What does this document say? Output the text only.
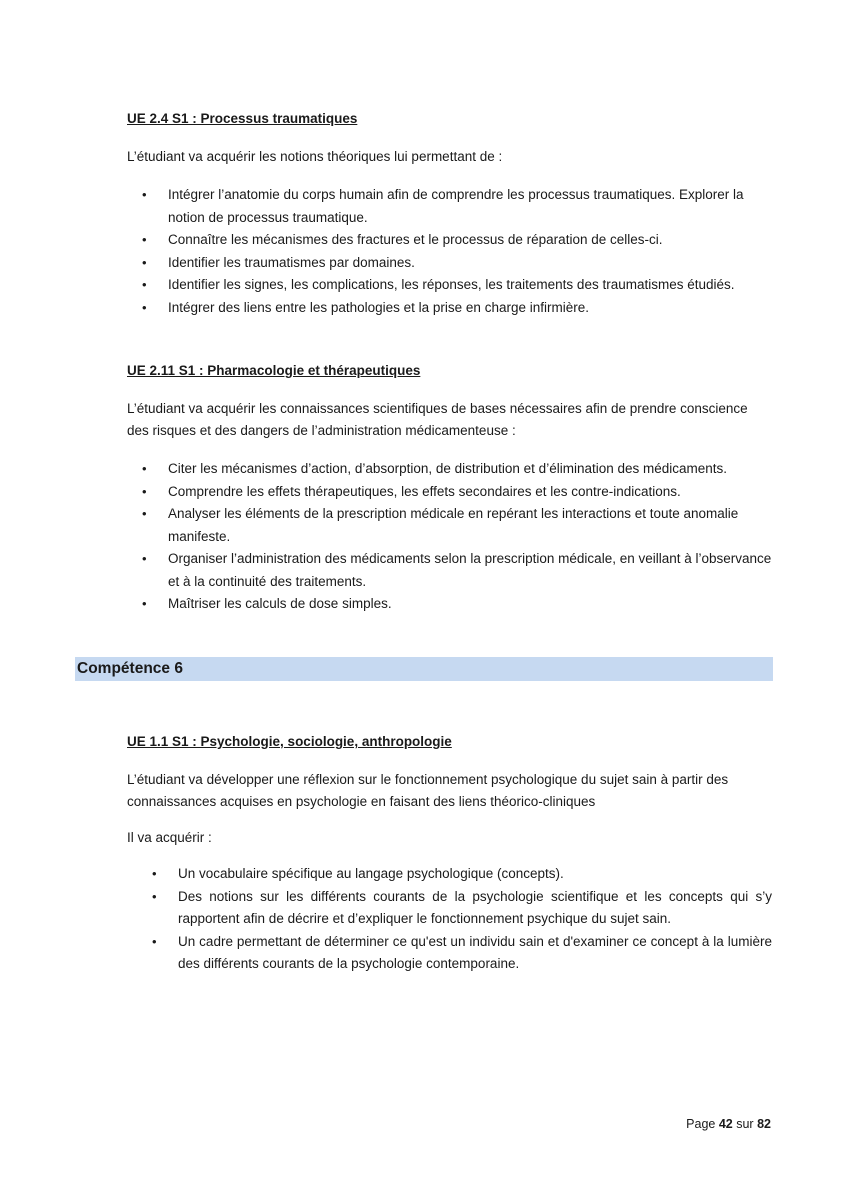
UE 2.4 S1 : Processus traumatiques

L’étudiant va acquérir les notions théoriques lui permettant de :

• Intégrer l’anatomie du corps humain afin de comprendre les processus traumatiques. Explorer la notion de processus traumatique.
• Connaître les mécanismes des fractures et le processus de réparation de celles-ci.
• Identifier les traumatismes par domaines.
• Identifier les signes, les complications, les réponses, les traitements des traumatismes étudiés.
• Intégrer des liens entre les pathologies et la prise en charge infirmière.

UE 2.11 S1 : Pharmacologie et thérapeutiques

L’étudiant va acquérir les connaissances scientifiques de bases nécessaires afin de prendre conscience des risques et des dangers de l’administration médicamenteuse :

• Citer les mécanismes d’action, d’absorption, de distribution et d’élimination des médicaments.
• Comprendre les effets thérapeutiques, les effets secondaires et les contre-indications.
• Analyser les éléments de la prescription médicale en repérant les interactions et toute anomalie manifeste.
• Organiser l’administration des médicaments selon la prescription médicale, en veillant à l’observance et à la continuité des traitements.
• Maîtriser les calculs de dose simples.
Compétence 6

UE 1.1 S1 : Psychologie, sociologie, anthropologie

L’étudiant va développer une réflexion sur le fonctionnement psychologique du sujet sain à partir des connaissances acquises en psychologie en faisant des liens théorico-cliniques

Il va acquérir :

• Un vocabulaire spécifique au langage psychologique (concepts).
• Des notions sur les différents courants de la psychologie scientifique et les concepts qui s’y rapportent afin de décrire et d’expliquer le fonctionnement psychique du sujet sain.
• Un cadre permettant de déterminer ce qu'est un individu sain et d'examiner ce concept à la lumière des différents courants de la psychologie contemporaine.
Page 42 sur 82
